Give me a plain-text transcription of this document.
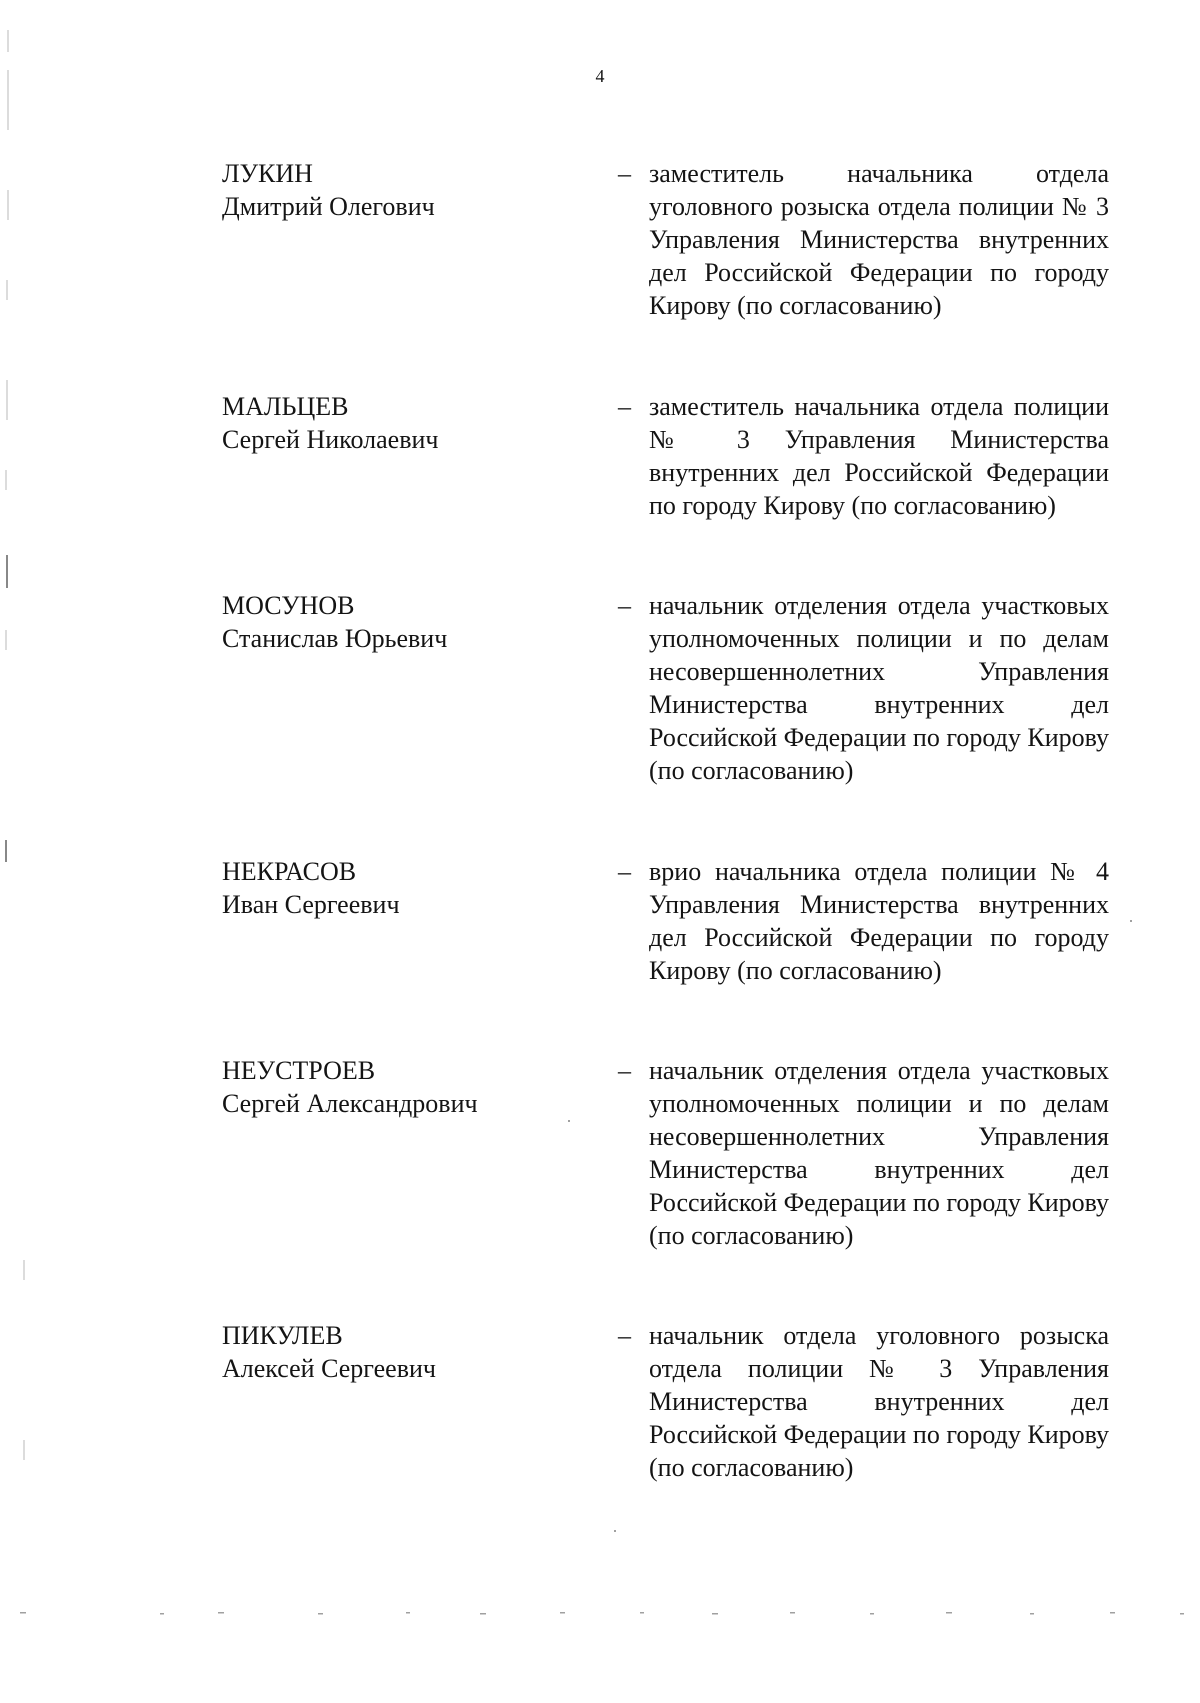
4
ЛУКИН
Дмитрий Олегович
– заместитель начальника отдела уголовного розыска отдела полиции № 3 Управления Министерства внутренних дел Российской Федерации по городу Кирову (по согласованию)
МАЛЬЦЕВ
Сергей Николаевич
– заместитель начальника отдела полиции № 3 Управления Министерства внутренних дел Российской Федерации по городу Кирову (по согласованию)
МОСУНОВ
Станислав Юрьевич
– начальник отделения отдела участковых уполномоченных полиции и по делам несовершеннолетних Управления Министерства внутренних дел Российской Федерации по городу Кирову (по согласованию)
НЕКРАСОВ
Иван Сергеевич
– врио начальника отдела полиции № 4 Управления Министерства внутренних дел Российской Федерации по городу Кирову (по согласованию)
НЕУСТРОЕВ
Сергей Александрович
– начальник отделения отдела участковых уполномоченных полиции и по делам несовершеннолетних Управления Министерства внутренних дел Российской Федерации по городу Кирову (по согласованию)
ПИКУЛЕВ
Алексей Сергеевич
– начальник отдела уголовного розыска отдела полиции № 3 Управления Министерства внутренних дел Российской Федерации по городу Кирову (по согласованию)
